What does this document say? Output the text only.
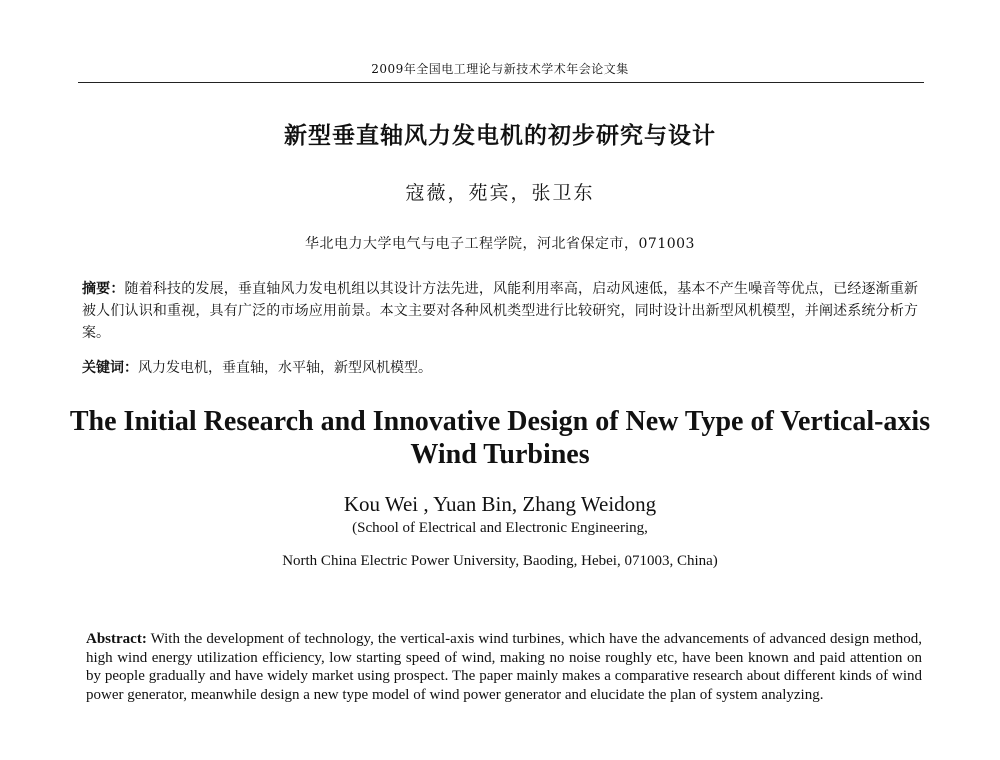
2009年全国电工理论与新技术学术年会论文集
新型垂直轴风力发电机的初步研究与设计
寇薇，苑宾，张卫东
华北电力大学电气与电子工程学院，河北省保定市，071003
摘要：随着科技的发展，垂直轴风力发电机组以其设计方法先进，风能利用率高，启动风速低，基本不产生噪音等优点，已经逐渐重新被人们认识和重视，具有广泛的市场应用前景。本文主要对各种风机类型进行比较研究，同时设计出新型风机模型，并阐述系统分析方案。
关键词：风力发电机，垂直轴，水平轴，新型风机模型。
The Initial Research and Innovative Design of New Type of Vertical-axis Wind Turbines
Kou Wei , Yuan Bin, Zhang Weidong
(School of Electrical and Electronic Engineering,
North China Electric Power University, Baoding, Hebei, 071003, China)
Abstract: With the development of technology, the vertical-axis wind turbines, which have the advancements of advanced design method, high wind energy utilization efficiency, low starting speed of wind, making no noise roughly etc, have been known and paid attention on by people gradually and have widely market using prospect. The paper mainly makes a comparative research about different kinds of wind power generator, meanwhile design a new type model of wind power generator and elucidate the plan of system analyzing.
